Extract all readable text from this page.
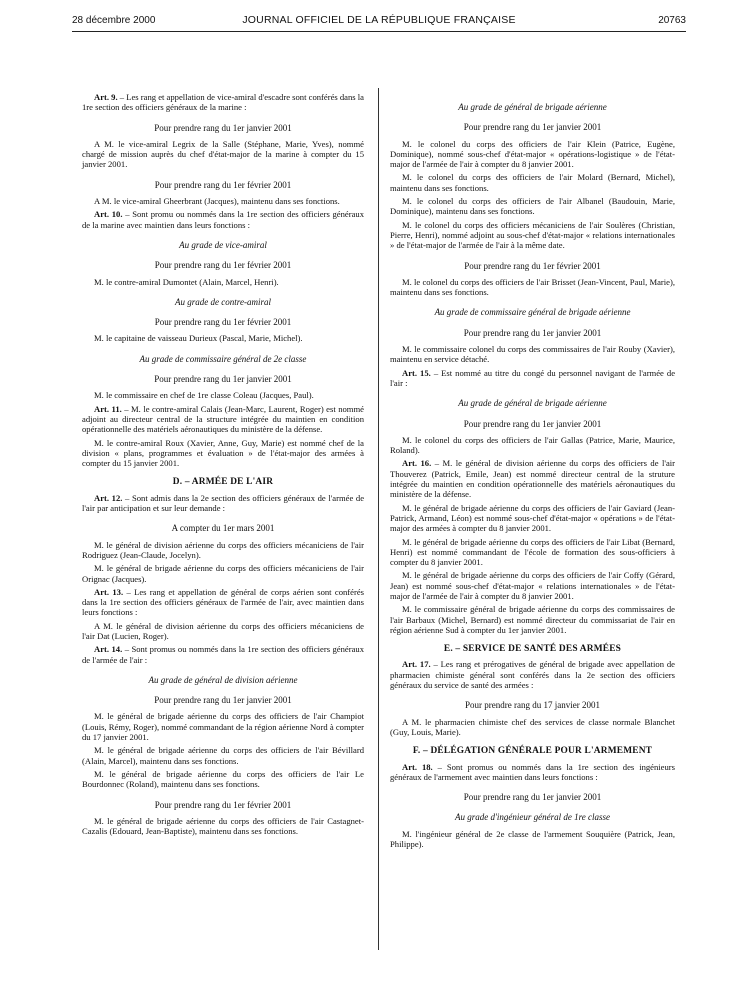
28 décembre 2000	JOURNAL OFFICIEL DE LA RÉPUBLIQUE FRANÇAISE	20763

Art. 9. – Les rang et appellation de vice-amiral d'escadre sont conférés dans la 1re section des officiers généraux de la marine :

Pour prendre rang du 1er janvier 2001

A M. le vice-amiral Legrix de la Salle (Stéphane, Marie, Yves), nommé chargé de mission auprès du chef d'état-major de la marine à compter du 15 janvier 2001.

Pour prendre rang du 1er février 2001

A M. le vice-amiral Gheerbrant (Jacques), maintenu dans ses fonctions.

Art. 10. – Sont promu ou nommés dans la 1re section des officiers généraux de la marine avec maintien dans leurs fonctions :

Au grade de vice-amiral
Pour prendre rang du 1er février 2001

M. le contre-amiral Dumontet (Alain, Marcel, Henri).

Au grade de contre-amiral
Pour prendre rang du 1er février 2001

M. le capitaine de vaisseau Durieux (Pascal, Marie, Michel).

Au grade de commissaire général de 2e classe
Pour prendre rang du 1er janvier 2001

M. le commissaire en chef de 1re classe Coleau (Jacques, Paul).

Art. 11. – M. le contre-amiral Calais (Jean-Marc, Laurent, Roger) est nommé adjoint au directeur central de la structure intégrée du maintien en condition opérationnelle des matériels aéronautiques du ministère de la défense.

M. le contre-amiral Roux (Xavier, Anne, Guy, Marie) est nommé chef de la division « plans, programmes et évaluation » de l'état-major des armées à compter du 15 janvier 2001.

D. – ARMÉE DE L'AIR

Art. 12. – Sont admis dans la 2e section des officiers généraux de l'armée de l'air par anticipation et sur leur demande :

A compter du 1er mars 2001

M. le général de division aérienne du corps des officiers mécaniciens de l'air Rodriguez (Jean-Claude, Jocelyn).

M. le général de brigade aérienne du corps des officiers mécaniciens de l'air Orignac (Jacques).

Art. 13. – Les rang et appellation de général de corps aérien sont conférés dans la 1re section des officiers généraux de l'armée de l'air, avec maintien dans leurs fonctions :

A M. le général de division aérienne du corps des officiers mécaniciens de l'air Dat (Lucien, Roger).

Art. 14. – Sont promus ou nommés dans la 1re section des officiers généraux de l'armée de l'air :

Au grade de général de division aérienne
Pour prendre rang du 1er janvier 2001

M. le général de brigade aérienne du corps des officiers de l'air Champiot (Louis, Rémy, Roger), nommé commandant de la région aérienne Nord à compter du 17 janvier 2001.

M. le général de brigade aérienne du corps des officiers de l'air Bévillard (Alain, Marcel), maintenu dans ses fonctions.

M. le général de brigade aérienne du corps des officiers de l'air Le Bourdonnec (Roland), maintenu dans ses fonctions.

Pour prendre rang du 1er février 2001

M. le général de brigade aérienne du corps des officiers de l'air Castagnet-Cazalis (Edouard, Jean-Baptiste), maintenu dans ses fonctions.

Au grade de général de brigade aérienne
Pour prendre rang du 1er janvier 2001

M. le colonel du corps des officiers de l'air Klein (Patrice, Eugène, Dominique), nommé sous-chef d'état-major « opérations-logistique » de l'état-major de l'armée de l'air à compter du 8 janvier 2001.

M. le colonel du corps des officiers de l'air Molard (Bernard, Michel), maintenu dans ses fonctions.

M. le colonel du corps des officiers de l'air Albanel (Baudouin, Marie, Dominique), maintenu dans ses fonctions.

M. le colonel du corps des officiers mécaniciens de l'air Soulères (Christian, Pierre, Henri), nommé adjoint au sous-chef d'état-major « relations internationales » de l'état-major de l'armée de l'air à la même date.

Pour prendre rang du 1er février 2001

M. le colonel du corps des officiers de l'air Brisset (Jean-Vincent, Paul, Marie), maintenu dans ses fonctions.

Au grade de commissaire général de brigade aérienne
Pour prendre rang du 1er janvier 2001

M. le commissaire colonel du corps des commissaires de l'air Rouby (Xavier), maintenu en service détaché.

Art. 15. – Est nommé au titre du congé du personnel navigant de l'armée de l'air :

Au grade de général de brigade aérienne
Pour prendre rang du 1er janvier 2001

M. le colonel du corps des officiers de l'air Gallas (Patrice, Marie, Maurice, Roland).

Art. 16. – M. le général de division aérienne du corps des officiers de l'air Thouverez (Patrick, Emile, Jean) est nommé directeur central de la struture intégrée du maintien en condition opérationnelle des matériels aéronautiques du ministère de la défense.

M. le général de brigade aérienne du corps des officiers de l'air Gaviard (Jean-Patrick, Armand, Léon) est nommé sous-chef d'état-major « opérations » de l'état-major des armées à compter du 8 janvier 2001.

M. le général de brigade aérienne du corps des officiers de l'air Libat (Bernard, Henri) est nommé commandant de l'école de formation des sous-officiers à compter du 8 janvier 2001.

M. le général de brigade aérienne du corps des officiers de l'air Coffy (Gérard, Jean) est nommé sous-chef d'état-major « relations internationales » de l'état-major de l'armée de l'air à compter du 8 janvier 2001.

M. le commissaire général de brigade aérienne du corps des commissaires de l'air Barbaux (Michel, Bernard) est nommé directeur du commissariat de l'air en région aérienne Sud à compter du 1er janvier 2001.

E. – SERVICE DE SANTÉ DES ARMÉES

Art. 17. – Les rang et prérogatives de général de brigade avec appellation de pharmacien chimiste général sont conférés dans la 2e section des officiers généraux du service de santé des armées :

Pour prendre rang du 17 janvier 2001

A M. le pharmacien chimiste chef des services de classe normale Blanchet (Guy, Louis, Marie).

F. – DÉLÉGATION GÉNÉRALE POUR L'ARMEMENT

Art. 18. – Sont promus ou nommés dans la 1re section des ingénieurs généraux de l'armement avec maintien dans leurs fonctions :

Pour prendre rang du 1er janvier 2001
Au grade d'ingénieur général de 1re classe

M. l'ingénieur général de 2e classe de l'armement Souquière (Patrick, Jean, Philippe).
